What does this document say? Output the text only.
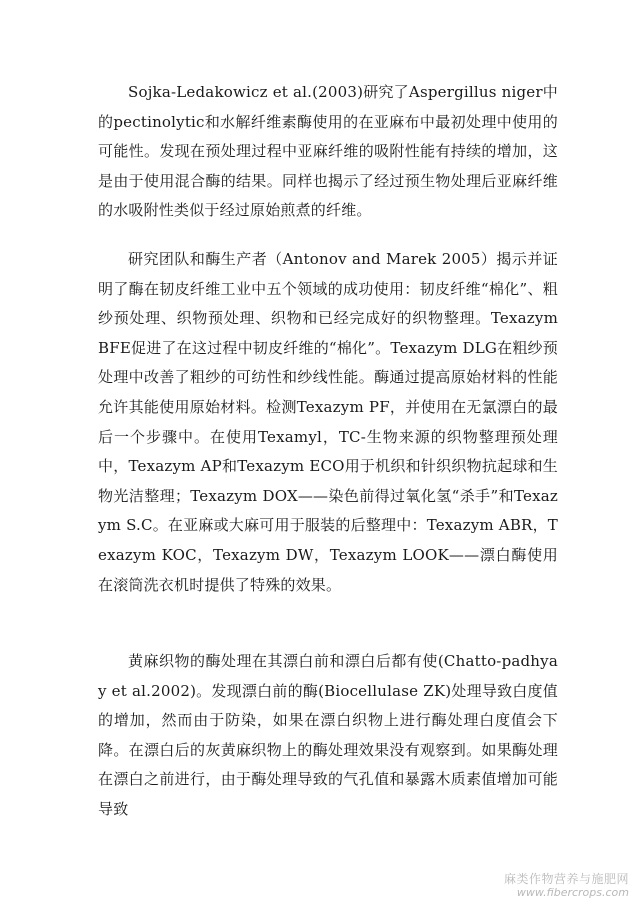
Sojka-Ledakowicz et al.(2003)研究了Aspergillus niger中的pectinolytic和水解纤维素酶使用的在亚麻布中最初处理中使用的可能性。发现在预处理过程中亚麻纤维的吸附性能有持续的增加，这是由于使用混合酶的结果。同样也揭示了经过预生物处理后亚麻纤维的水吸附性类似于经过原始煎煮的纤维。

研究团队和酶生产者（Antonov and Marek 2005）揭示并证明了酶在韧皮纤维工业中五个领域的成功使用：韧皮纤维“棉化”、粗纱预处理、织物预处理、织物和已经完成好的织物整理。Texazym BFE促进了在这过程中韧皮纤维的“棉化”。Texazym DLG在粗纱预处理中改善了粗纱的可纺性和纱线性能。酶通过提高原始材料的性能允许其能使用原始材料。检测Texazym PF，并使用在无氯漂白的最后一个步骤中。在使用Texamyl，TC-生物来源的织物整理预处理中，Texazym AP和Texazym ECO用于机织和针织织物抗起球和生物光洁整理；Texazym DOX——染色前得过氧化氢“杀手”和Texazym S.C。在亚麻或大麻可用于服装的后整理中：Texazym ABR，Texazym KOC，Texazym DW，Texazym LOOK——漂白酶使用在滚筒洗衣机时提供了特殊的效果。

黄麻织物的酶处理在其漂白前和漂白后都有使(Chatto-padhyay et al.2002)。发现漂白前的酶(Biocellulase ZK)处理导致白度值的增加，然而由于防染，如果在漂白织物上进行酶处理白度值会下降。在漂白后的灰黄麻织物上的酶处理效果没有观察到。如果酶处理在漂白之前进行，由于酶处理导致的气孔值和暴露木质素值增加可能导致

麻类作物营养与施肥网
www.fibercrops.com
